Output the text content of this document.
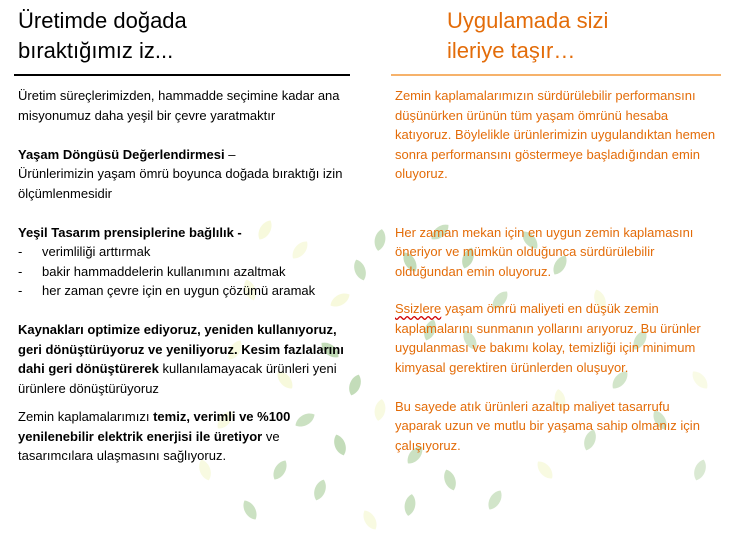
Üretimde doğada
bıraktığımız iz...

Üretim süreçlerimizden, hammadde seçimine kadar ana misyonumuz daha yeşil bir çevre yaratmaktır

Yaşam Döngüsü Değerlendirmesi –
Ürünlerimizin yaşam ömrü boyunca doğada bıraktığı izin ölçümlenmesidir

Yeşil Tasarım prensiplerine bağlılık -

- verimliliği arttırmak
- bakir hammaddelerin kullanımını azaltmak
- her zaman çevre için en uygun çözümü aramak

Kaynakları optimize ediyoruz, yeniden kullanıyoruz, geri dönüştürüyoruz ve yeniliyoruz. Kesim fazlalarını dahi geri dönüştürerek kullanılamayacak ürünleri yeni ürünlere dönüştürüyoruz

Zemin kaplamalarımızı temiz, verimli ve %100 yenilenebilir elektrik enerjisi ile üretiyor ve tasarımcılara ulaşmasını sağlıyoruz.

Uygulamada sizi
ileriye taşır…

Zemin kaplamalarımızın sürdürülebilir performansını düşünürken ürünün tüm yaşam ömrünü hesaba katıyoruz. Böylelikle ürünlerimizin uygulandıktan hemen sonra performansını göstermeye başladığından emin oluyoruz.

Her zaman mekan için en uygun zemin kaplamasını öneriyor ve mümkün olduğunca sürdürülebilir olduğundan emin oluyoruz.

Ssizlere yaşam ömrü maliyeti en düşük zemin kaplamalarını sunmanın yollarını arıyoruz. Bu ürünler uygulanması ve bakımı kolay, temizliği için minimum kimyasal gerektiren ürünlerden oluşuyor.

Bu sayede atık ürünleri azaltıp maliyet tasarrufu yaparak uzun ve mutlu bir yaşama sahip olmanız için çalışıyoruz.
